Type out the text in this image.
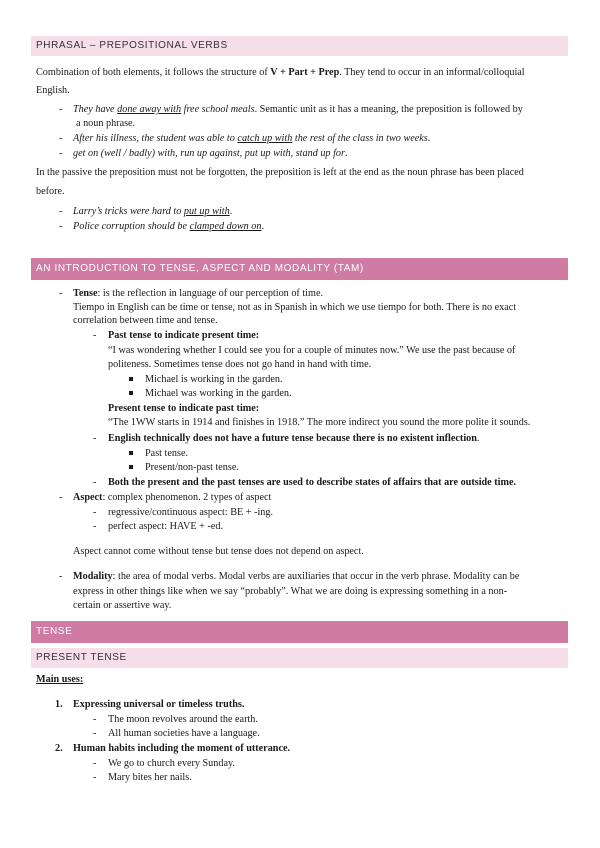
PHRASAL – PREPOSITIONAL VERBS
Combination of both elements, it follows the structure of V + Part + Prep. They tend to occur in an informal/colloquial
English.
- They have done away with free school meals. Semantic unit as it has a meaning, the preposition is followed by
a noun phrase.
- After his illness, the student was able to catch up with the rest of the class in two weeks.
- get on (well / badly) with, run up against, put up with, stand up for.
In the passive the preposition must not be forgotten, the preposition is left at the end as the noun phrase has been placed
before.
- Larry’s tricks were hard to put up with.
- Police corruption should be clamped down on.
AN INTRODUCTION TO TENSE, ASPECT AND MODALITY (TAM)
- Tense: is the reflection in language of our perception of time.
Tiempo in English can be time or tense, not as in Spanish in which we use tiempo for both. There is no exact
correlation between time and tense.
- Past tense to indicate present time:
“I was wondering whether I could see you for a couple of minutes now.” We use the past because of
politeness. Sometimes tense does not go hand in hand with time.
Michael is working in the garden.
Michael was working in the garden.
Present tense to indicate past time:
“The 1WW starts in 1914 and finishes in 1918.” The more indirect you sound the more polite it sounds.
- English technically does not have a future tense because there is no existent inflection.
Past tense.
Present/non-past tense.
- Both the present and the past tenses are used to describe states of affairs that are outside time.
- Aspect: complex phenomenon. 2 types of aspect
- regressive/continuous aspect: BE + -ing.
- perfect aspect: HAVE + -ed.
Aspect cannot come without tense but tense does not depend on aspect.
- Modality: the area of modal verbs. Modal verbs are auxiliaries that occur in the verb phrase. Modality can be
express in other things like when we say “probably”. What we are doing is expressing something in a non-
certain or assertive way.
TENSE
PRESENT TENSE
Main uses:
1. Expressing universal or timeless truths.
- The moon revolves around the earth.
- All human societies have a language.
2. Human habits including the moment of utterance.
- We go to church every Sunday.
- Mary bites her nails.
